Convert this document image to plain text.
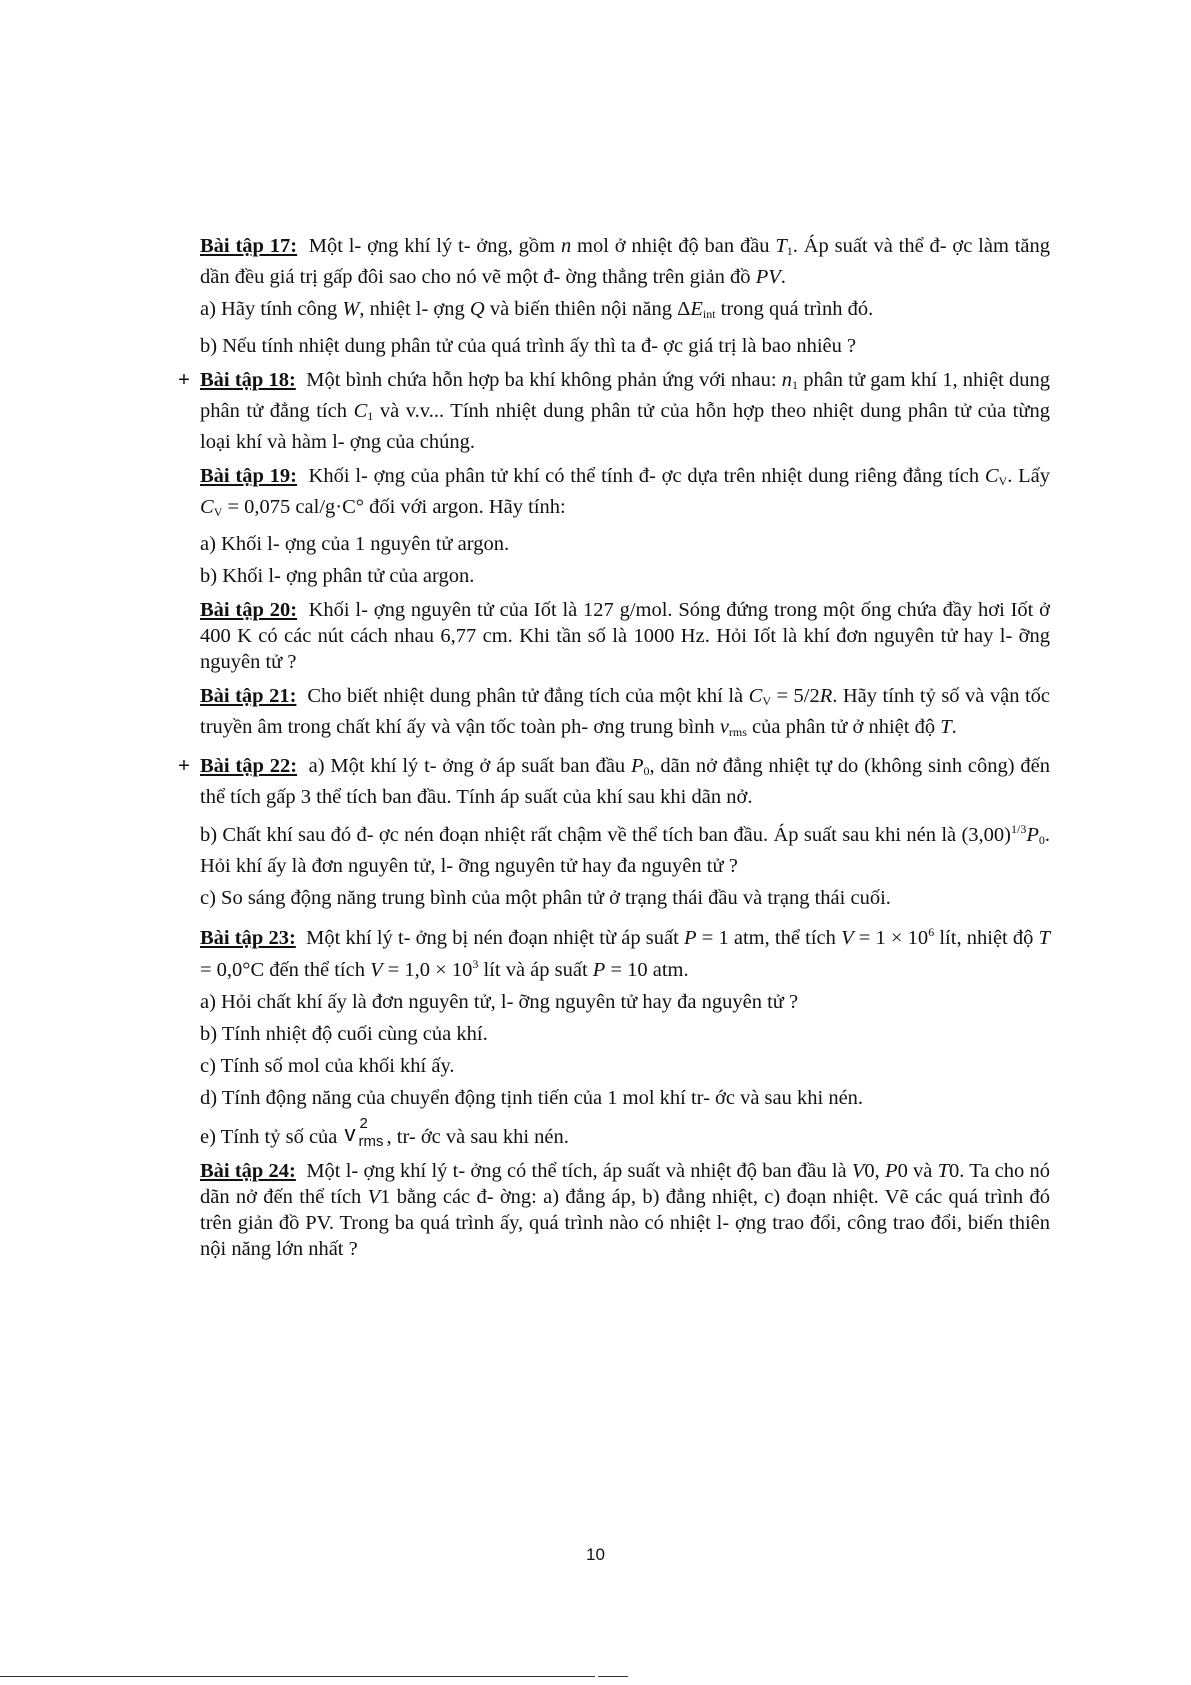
Bài tập 17: Một l- ợng khí lý t- ởng, gồm n mol ở nhiệt độ ban đầu T1. Áp suất và thể đ- ợc làm tăng dần đều giá trị gấp đôi sao cho nó vẽ một đ- ờng thẳng trên giản đồ PV.

a) Hãy tính công W, nhiệt l- ợng Q và biến thiên nội năng ΔEint trong quá trình đó.

b) Nếu tính nhiệt dung phân tử của quá trình ấy thì ta đ- ợc giá trị là bao nhiêu ?

+ Bài tập 18: Một bình chứa hỗn hợp ba khí không phản ứng với nhau: n1 phân tử gam khí 1, nhiệt dung phân tử đẳng tích C1 và v.v... Tính nhiệt dung phân tử của hỗn hợp theo nhiệt dung phân tử của từng loại khí và hàm l- ợng của chúng.

Bài tập 19: Khối l- ợng của phân tử khí có thể tính đ- ợc dựa trên nhiệt dung riêng đẳng tích CV. Lấy CV = 0,075 cal/g·C° đối với argon. Hãy tính:

a) Khối l- ợng của 1 nguyên tử argon.

b) Khối l- ợng phân tử của argon.

Bài tập 20: Khối l- ợng nguyên tử của Iốt là 127 g/mol. Sóng đứng trong một ống chứa đầy hơi Iốt ở 400 K có các nút cách nhau 6,77 cm. Khi tần số là 1000 Hz. Hỏi Iốt là khí đơn nguyên tử hay l- ỡng nguyên tử ?

Bài tập 21: Cho biết nhiệt dung phân tử đẳng tích của một khí là CV = 5/2R. Hãy tính tỷ số và vận tốc truyền âm trong chất khí ấy và vận tốc toàn ph- ơng trung bình vrms của phân tử ở nhiệt độ T.

+ Bài tập 22: a) Một khí lý t- ởng ở áp suất ban đầu P0, dãn nở đẳng nhiệt tự do (không sinh công) đến thể tích gấp 3 thể tích ban đầu. Tính áp suất của khí sau khi dãn nở.

b) Chất khí sau đó đ- ợc nén đoạn nhiệt rất chậm về thể tích ban đầu. Áp suất sau khi nén là $(3,00)^{1/3}P0$. Hỏi khí ấy là đơn nguyên tử, l- ỡng nguyên tử hay đa nguyên tử ?

c) So sáng động năng trung bình của một phân tử ở trạng thái đầu và trạng thái cuối.

Bài tập 23: Một khí lý t- ởng bị nén đoạn nhiệt từ áp suất P = 1 atm, thể tích $V = 1 \times 10^6$ lít, nhiệt độ T = 0,0°C đến thể tích $V = 1,0 \times 10^3$ lít và áp suất P = 10 atm.

a) Hỏi chất khí ấy là đơn nguyên tử, l- ỡng nguyên tử hay đa nguyên tử ?

b) Tính nhiệt độ cuối cùng của khí.

c) Tính số mol của khối khí ấy.

d) Tính động năng của chuyển động tịnh tiến của 1 mol khí tr- ớc và sau khi nén.

e) Tính tỷ số của v 2
rms , tr- ớc và sau khi nén.

Bài tập 24: Một l- ợng khí lý t- ởng có thể tích, áp suất và nhiệt độ ban đầu là V0, P0 và T0. Ta cho nó dãn nở đến thể tích V1 bằng các đ- ờng: a) đẳng áp, b) đẳng nhiệt, c) đoạn nhiệt. Vẽ các quá trình đó trên giản đồ PV. Trong ba quá trình ấy, quá trình nào có nhiệt l- ợng trao đổi, công trao đổi, biến thiên nội năng lớn nhất ?

10
